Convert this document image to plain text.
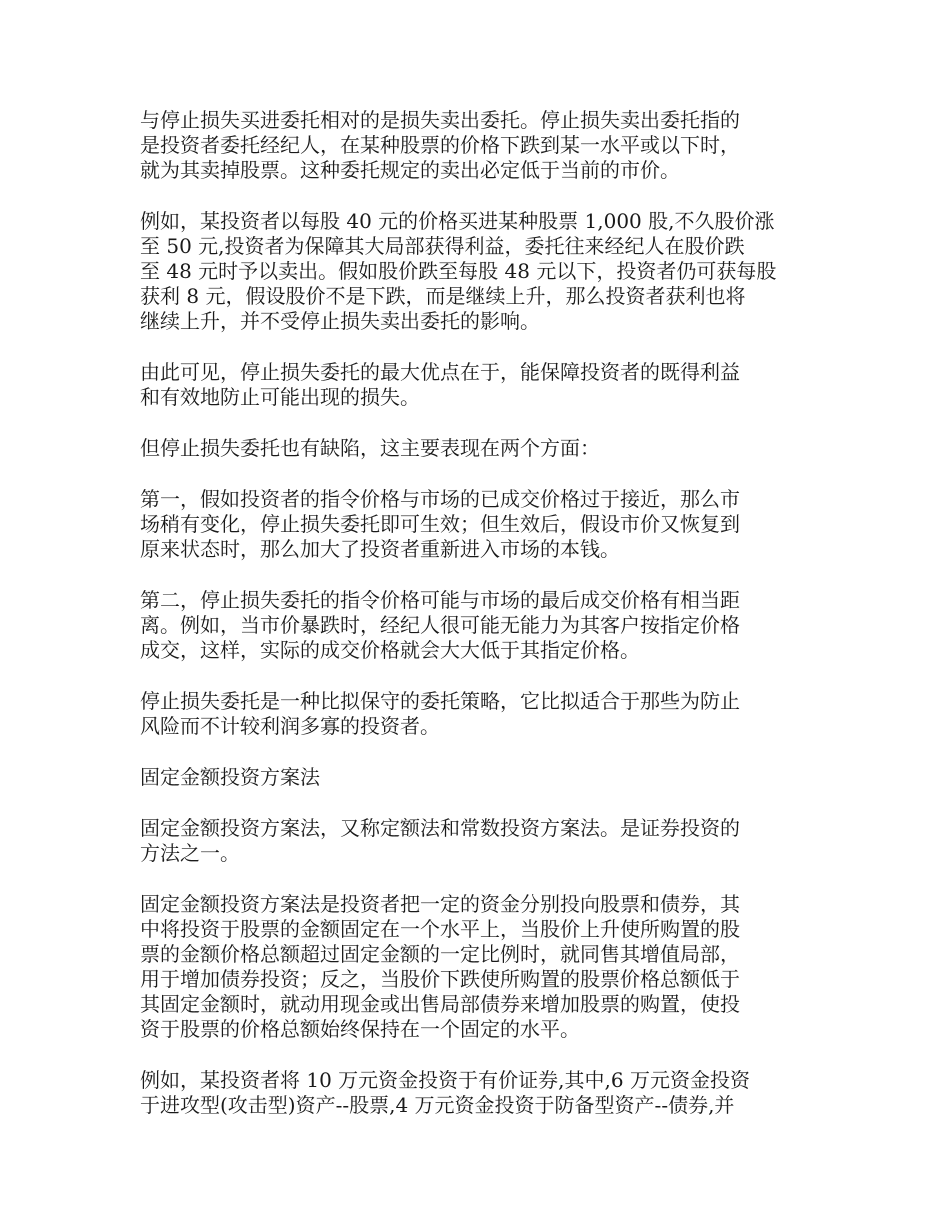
与停止损失买进委托相对的是损失卖出委托。停止损失卖出委托指的
是投资者委托经纪人，在某种股票的价格下跌到某一水平或以下时，
就为其卖掉股票。这种委托规定的卖出必定低于当前的市价。

例如，某投资者以每股 40 元的价格买进某种股票 1,000 股,不久股价涨
至 50 元,投资者为保障其大局部获得利益，委托往来经纪人在股价跌
至 48 元时予以卖出。假如股价跌至每股 48 元以下，投资者仍可获每股
获利 8 元，假设股价不是下跌，而是继续上升，那么投资者获利也将
继续上升，并不受停止损失卖出委托的影响。

由此可见，停止损失委托的最大优点在于，能保障投资者的既得利益
和有效地防止可能出现的损失。

但停止损失委托也有缺陷，这主要表现在两个方面：

第一，假如投资者的指令价格与市场的已成交价格过于接近，那么市
场稍有变化，停止损失委托即可生效；但生效后，假设市价又恢复到
原来状态时，那么加大了投资者重新进入市场的本钱。

第二，停止损失委托的指令价格可能与市场的最后成交价格有相当距
离。例如，当市价暴跌时，经纪人很可能无能力为其客户按指定价格
成交，这样，实际的成交价格就会大大低于其指定价格。

停止损失委托是一种比拟保守的委托策略，它比拟适合于那些为防止
风险而不计较利润多寡的投资者。

固定金额投资方案法

固定金额投资方案法，又称定额法和常数投资方案法。是证券投资的
方法之一。

固定金额投资方案法是投资者把一定的资金分别投向股票和债券，其
中将投资于股票的金额固定在一个水平上，当股价上升使所购置的股
票的金额价格总额超过固定金额的一定比例时，就同售其增值局部，
用于增加债券投资；反之，当股价下跌使所购置的股票价格总额低于
其固定金额时，就动用现金或出售局部债券来增加股票的购置，使投
资于股票的价格总额始终保持在一个固定的水平。

例如，某投资者将 10 万元资金投资于有价证券,其中,6 万元资金投资
于进攻型(攻击型)资产--股票,4 万元资金投资于防备型资产--债券,并
